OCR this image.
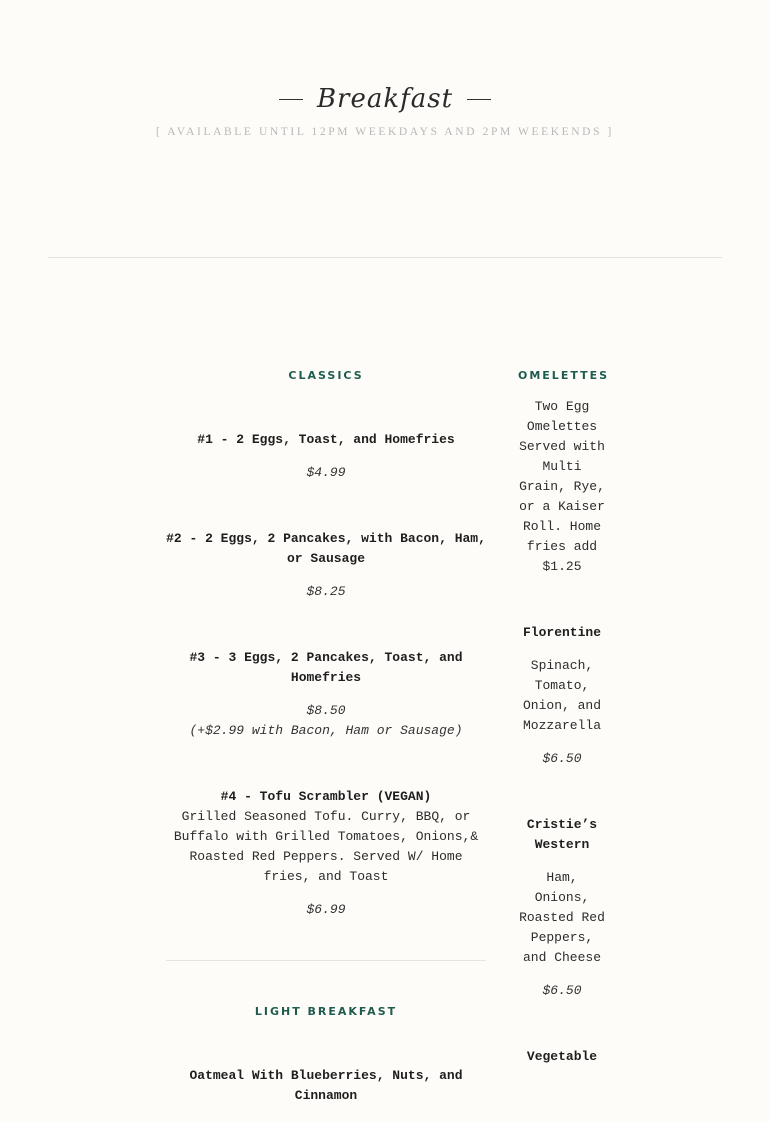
Breakfast
[ AVAILABLE UNTIL 12PM WEEKDAYS AND 2PM WEEKENDS ]
CLASSICS
#1 - 2 Eggs, Toast, and Homefries
$4.99
#2 - 2 Eggs, 2 Pancakes, with Bacon, Ham, or Sausage
$8.25
#3 - 3 Eggs, 2 Pancakes, Toast, and Homefries
$8.50
(+$2.99 with Bacon, Ham or Sausage)
#4 - Tofu Scrambler (VEGAN)
Grilled Seasoned Tofu. Curry, BBQ, or Buffalo with Grilled Tomatoes, Onions,& Roasted Red Peppers. Served W/ Home fries, and Toast
$6.99
LIGHT BREAKFAST
Oatmeal With Blueberries, Nuts, and Cinnamon
OMELETTES
Two Egg Omelettes Served with Multi Grain, Rye, or a Kaiser Roll. Home fries add $1.25
Florentine
Spinach, Tomato, Onion, and Mozzarella
$6.50
Cristie’s Western
Ham, Onions, Roasted Red Peppers, and Cheese
$6.50
Vegetable
